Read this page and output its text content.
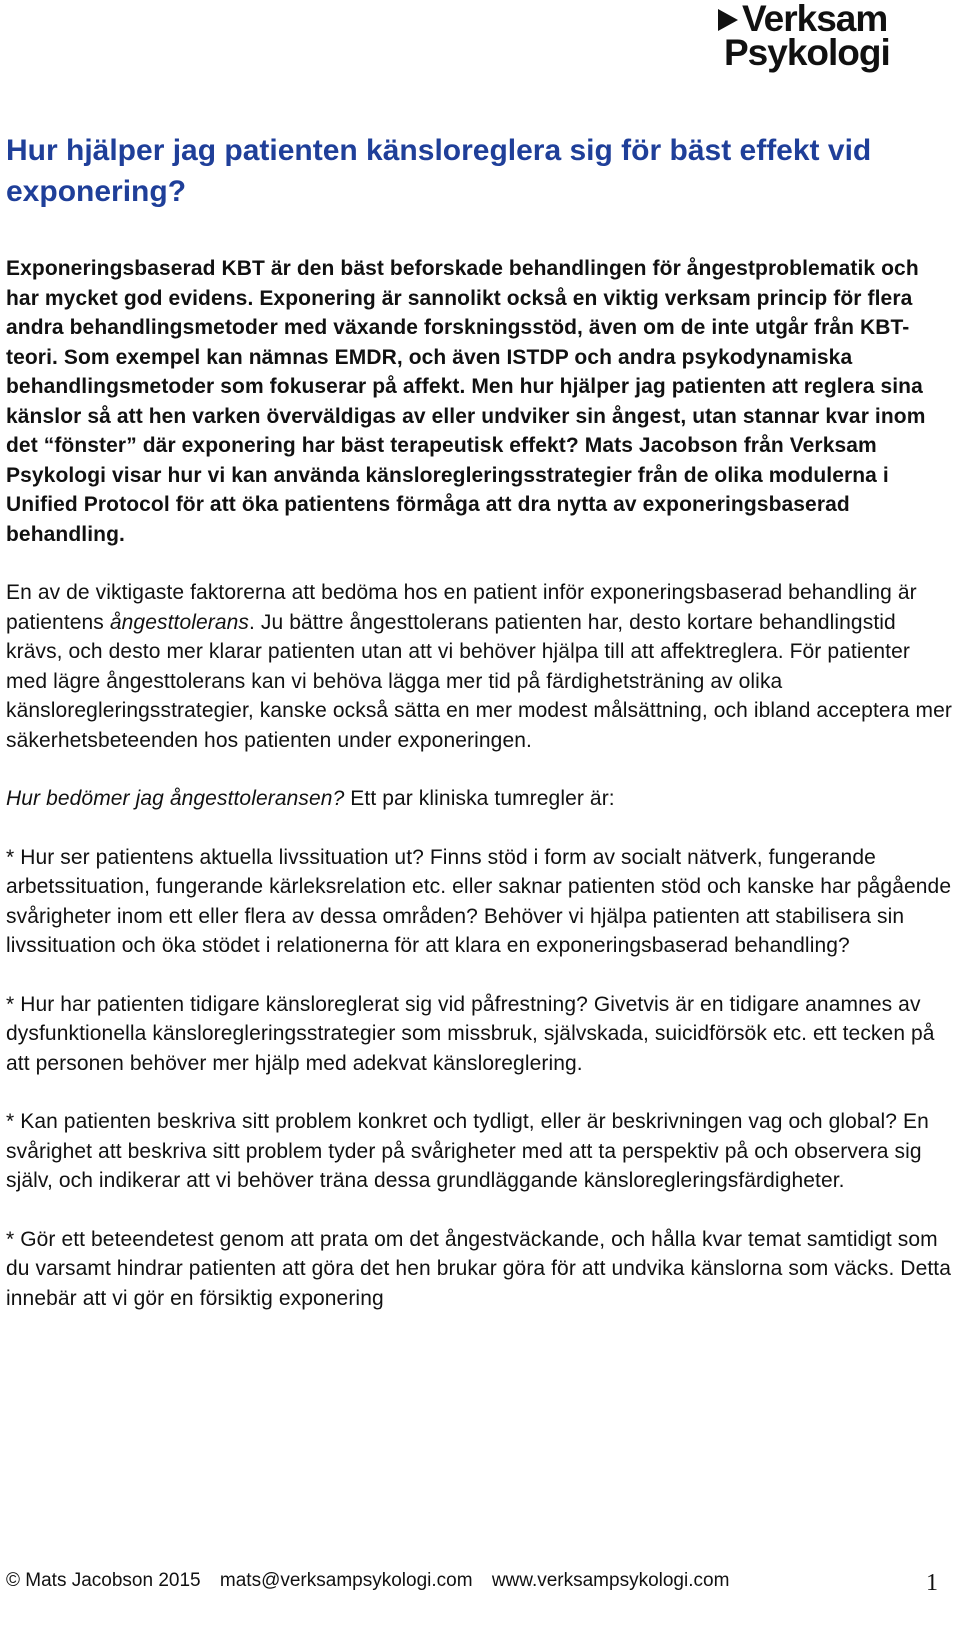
Verksam
Psykologi
Hur hjälper jag patienten känsloreglera sig för bäst effekt vid exponering?

Exponeringsbaserad KBT är den bäst beforskade behandlingen för ångestproblematik och har mycket god evidens. Exponering är sannolikt också en viktig verksam princip för flera andra behandlingsmetoder med växande forskningsstöd, även om de inte utgår från KBT-teori. Som exempel kan nämnas EMDR, och även ISTDP och andra psykodynamiska behandlingsmetoder som fokuserar på affekt. Men hur hjälper jag patienten att reglera sina känslor så att hen varken överväldigas av eller undviker sin ångest, utan stannar kvar inom det “fönster” där exponering har bäst terapeutisk effekt? Mats Jacobson från Verksam Psykologi visar hur vi kan använda känsloregleringsstrategier från de olika modulerna i Unified Protocol för att öka patientens förmåga att dra nytta av exponeringsbaserad behandling.

En av de viktigaste faktorerna att bedöma hos en patient inför exponeringsbaserad behandling är patientens ångesttolerans. Ju bättre ångesttolerans patienten har, desto kortare behandlingstid krävs, och desto mer klarar patienten utan att vi behöver hjälpa till att affektreglera. För patienter med lägre ångesttolerans kan vi behöva lägga mer tid på färdighetsträning av olika känsloregleringsstrategier, kanske också sätta en mer modest målsättning, och ibland acceptera mer säkerhetsbeteenden hos patienten under exponeringen.

Hur bedömer jag ångesttoleransen? Ett par kliniska tumregler är:

* Hur ser patientens aktuella livssituation ut? Finns stöd i form av socialt nätverk, fungerande arbetssituation, fungerande kärleksrelation etc. eller saknar patienten stöd och kanske har pågående svårigheter inom ett eller flera av dessa områden? Behöver vi hjälpa patienten att stabilisera sin livssituation och öka stödet i relationerna för att klara en exponeringsbaserad behandling?

* Hur har patienten tidigare känsloreglerat sig vid påfrestning? Givetvis är en tidigare anamnes av dysfunktionella känsloregleringsstrategier som missbruk, självskada, suicidförsök etc. ett tecken på att personen behöver mer hjälp med adekvat känsloreglering.

* Kan patienten beskriva sitt problem konkret och tydligt, eller är beskrivningen vag och global? En svårighet att beskriva sitt problem tyder på svårigheter med att ta perspektiv på och observera sig själv, och indikerar att vi behöver träna dessa grundläggande känsloregleringsfärdigheter.

* Gör ett beteendetest genom att prata om det ångestväckande, och hålla kvar temat samtidigt som du varsamt hindrar patienten att göra det hen brukar göra för att undvika känslorna som väcks. Detta innebär att vi gör en försiktig exponering

© Mats Jacobson 2015 mats@verksampsykologi.com www.verksampsykologi.com	1
